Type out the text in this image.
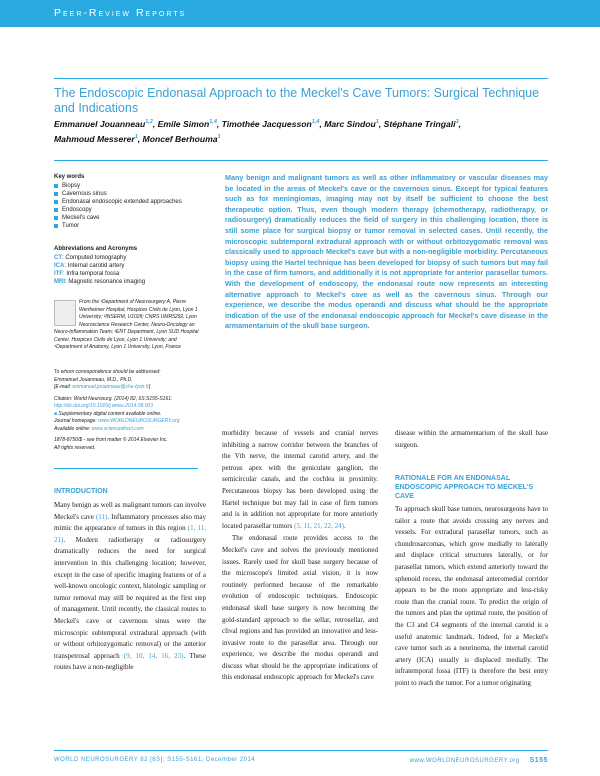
Peer-Review Reports
The Endoscopic Endonasal Approach to the Meckel's Cave Tumors: Surgical Technique and Indications
Emmanuel Jouanneau$^{1,2}$, Emile Simon$^{1,4}$, Timothée Jacquesson$^{1,4}$, Marc Sindou$^1$, Stéphane Tringali$^3$,
Mahmoud Messerer$^1$, Moncef Berhouma$^1$
Key words
Biopsy
Cavernous sinus
Endonasal endoscopic extended approaches
Endoscopy
Meckel's cave
Tumor
Abbreviations and Acronyms
CT: Computed tomography
ICA: Internal carotid artery
ITF: Infra temporal fossa
MRI: Magnetic resonance imaging
From the ¹Department of Neurosurgery A, Pierre Wertheimer Hospital, Hospices Civils de Lyon, Lyon 1 University; ²INSERM, U1028; CNRS UMR5292, Lyon Neuroscience Research Center, Neuro-Oncology an Neuro-Inflammation Team; ³ENT Department, Lyon SUD Hospital Center, Hospices Civils de Lyon, Lyon 1 University; and ⁴Department of Anatomy, Lyon 1 University, Lyon, France
To whom correspondence should be addressed:
Emmanuel Jouanneau, M.D., Ph.D.
[E-mail: emmanuel.jouanneau@chu-lyon.fr]
Citation: World Neurosurg. (2014) 82, 6S:S155-S161.
http://dx.doi.org/10.1016/j.wneu.2014.08.003
■ Supplementary digital content available online.
Journal homepage: www.WORLDNEUROSURGERY.org
Available online: www.sciencedirect.com
1878-8750/$ - see front matter © 2014 Elsevier Inc.
All rights reserved.
Many benign and malignant tumors as well as other inflammatory or vascular diseases may be located in the areas of Meckel's cave or the cavernous sinus. Except for typical features such as for meningiomas, imaging may not by itself be sufficient to choose the best therapeutic option. Thus, even though modern therapy (chemotherapy, radiotherapy, or radiosurgery) dramatically reduces the field of surgery in this challenging location, there is still some place for surgical biopsy or tumor removal in selected cases. Until recently, the microscopic subtemporal extradural approach with or without orbitozygomatic removal was classically used to approach Meckel's cave but with a non-negligible morbidity. Percutaneous biopsy using the Hartel technique has been developed for biopsy of such tumors but may fail in the case of firm tumors, and additionally it is not appropriate for anterior parasellar tumors. With the development of endoscopy, the endonasal route now represents an interesting alternative approach to Meckel's cave as well as the cavernous sinus. Through our experience, we describe the modus operandi and discuss what should be the appropriate indication of the use of the endonasal endoscopic approach for Meckel's cave disease in the armamentarium of the skull base surgeon.
INTRODUCTION

Many benign as well as malignant tumors can involve Meckel's cave (11). Inflammatory processes also may mimic the appearance of tumors in this region (1, 11, 21). Modern radiotherapy or radiosurgery dramatically reduces the need for surgical intervention in this challenging location; however, except in the case of specific imaging features or of a well-known oncologic context, histologic sampling or tumor removal may still be required as the first step of management. Until recently, the classical routes to Meckel's cave or cavernous sinus were the microscopic subtemporal extradural approach (with or without orbitozygomatic removal) or the anterior transpetrosal approach (9, 10, 14, 16, 23). These routes have a non-negligible

morbidity because of vessels and cranial nerves inhibiting a narrow corridor between the branches of the Vth nerve, the internal carotid artery, and the petrous apex with the geniculate ganglion, the semicircular canals, and the cochlea in proximity. Percutaneous biopsy has been developed using the Hartel technique but may fail in case of firm tumors and is in addition not appropriate for more anteriorly located parasellar tumors (5, 11, 21, 22, 24).

The endonasal route provides access to the Meckel's cave and solves the previously mentioned issues. Rarely used for skull base surgery because of the microscope's limited axial vision, it is now routinely performed because of the remarkable evolution of endoscopic techniques. Endoscopic endonasal skull base surgery is now becoming the gold-standard approach to the sellar, retrosellar, and clival regions and has provided an innovative and less-invasive route to the parasellar area. Through our experience, we describe the modus operandi and discuss what should be the appropriate indications of this endonasal endoscopic approach for Meckel's cave

disease within the armamentarium of the skull base surgeon.

RATIONALE FOR AN ENDONASAL ENDOSCOPIC APPROACH TO MECKEL'S CAVE

To approach skull base tumors, neurosurgeons have to tailor a route that avoids crossing any nerves and vessels. For extradural parasellar tumors, such as chondrosarcomas, which grow medially to laterally and displace critical structures laterally, or for parasellar tumors, which extend anteriorly toward the sphenoid recess, the endonasal anteromedial corridor appears to be the more appropriate and less-risky route than the cranial route. To predict the origin of the tumors and plan the optimal route, the position of the C3 and C4 segments of the internal carotid is a useful anatomic landmark. Indeed, for a Meckel's cave tumor such as a neurinoma, the internal carotid artery (ICA) usually is displaced medially. The infratemporal fossa (ITF) is therefore the best entry point to reach the tumor. For a tumor originating

WORLD NEUROSURGERY 82 [6S]: S155-S161, December 2014	www.WORLDNEUROSURGERY.org S155
